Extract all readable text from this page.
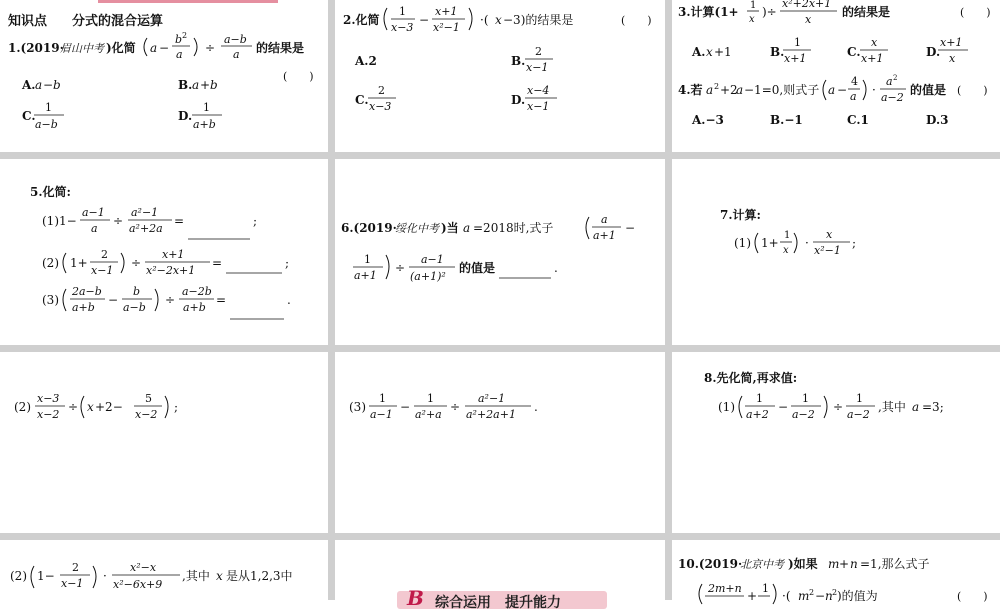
知识点 分式的混合运算
1.(2019·
眉山中考 )化简 a −
b 2
a ÷
a−b
a 的结果是
(　　)
A. a − b	B. a + b
C.
1
a−b
D.
1
a+b
2.化简
1
x−3
−
x+1
x²−1
·( x −3)的结果是	(　　)
A.2	B.
2
x−1
C.
2
x−3	D.
x−4
x−1
3.计算(1+ 1
x
)÷
x²+2x+1
x
的结果是	(　　)
A. x +1	B.
1
x+1	C.
x
x+1	D.
x+1
x
4.若 a 2 +2
a −1=0,则式子 a −
4
a ·
a 2
a−2
的值是 (　　)
A.−3	B.−1	C.1	D.3
5.化简:
(1)1−
a−1
a
÷
a²−1
a²+2a
=	;
(2) 1+
2
x−1
÷
x+1
x²−2x+1
=	;
(3)
2a−b
a+b
−
b
a−b
÷
a−2b
a+b
=	.
6.(2019·
绥化中考 )当 a =2018时,式子
a
a+1
−
1
a+1
÷
a−1
(a+1)²
的值是	.
7.计算:
(1) 1+
1
x
·
x
x²−1
;
(2)
x−3
x−2
÷ x +2−
5
x−2
;	(3)
1
a−1
−
1
a²+a
÷
a²−1
a²+2a+1
.
8.先化简,再求值:
(1)
1
a+2
−
1
a−2
÷
1
a−2
,其中 a =3;
(2) 1−
2
x−1
·
x²−x
x²−6x+9
,其中 x 是从1,2,3中
B 综合运用　提升能力
10.(2019·
北京中考 )如果 m + n =1,那么式子
2m+n
+
1
·( m 2 − n 2 )的值为	(　　)
